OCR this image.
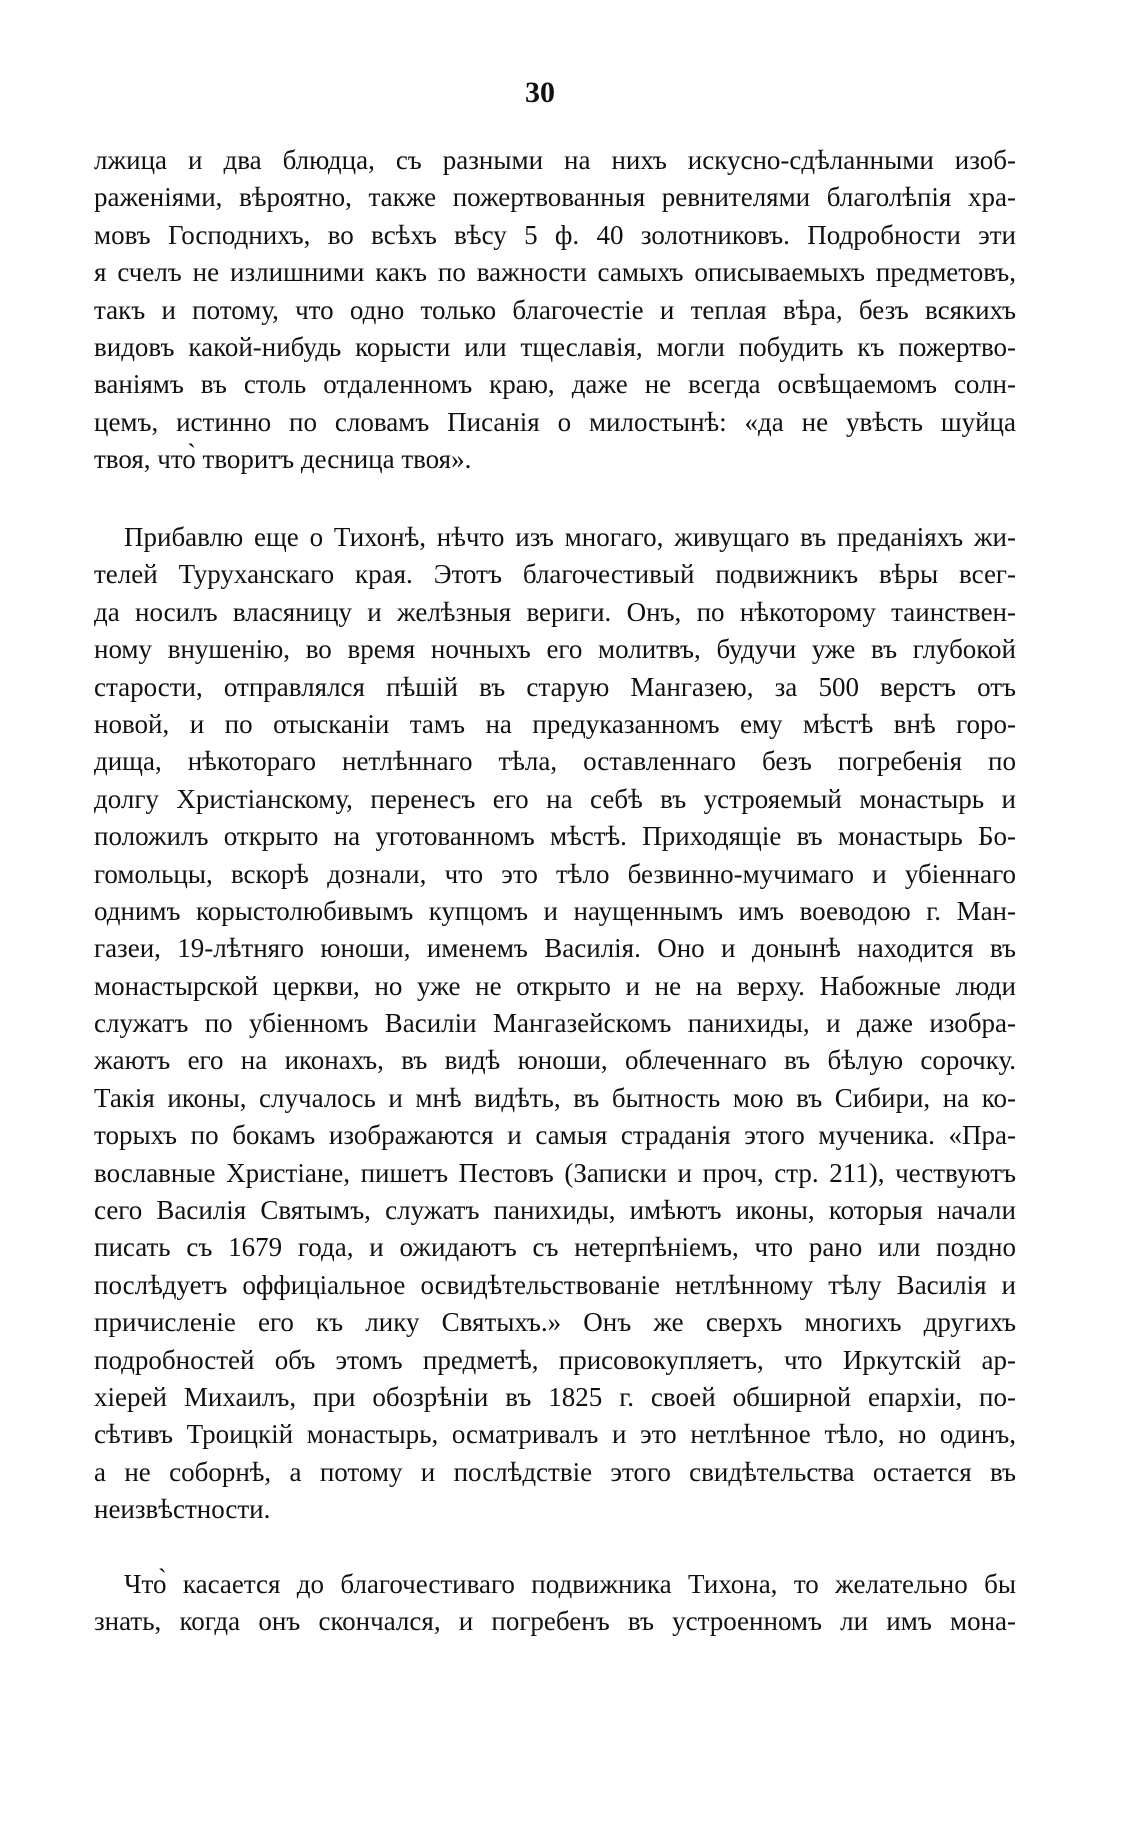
30
лжица и два блюдца, съ разными на нихъ искусно-сдѣланными изоб-
раженіями, вѣроятно, также пожертвованныя ревнителями благолѣпія хра-
мовъ Господнихъ, во всѣхъ вѣсу 5 ф. 40 золотниковъ. Подробности эти
я счелъ не излишними какъ по важности самыхъ описываемыхъ предметовъ,
такъ и потому, что одно только благочестіе и теплая вѣра, безъ всякихъ
видовъ какой-нибудь корысти или тщеславія, могли побудить къ пожертво-
ваніямъ въ столь отдаленномъ краю, даже не всегда освѣщаемомъ солн-
цемъ, истинно по словамъ Писанія о милостынѣ: «да не увѣсть шуйца
твоя, что̀ творитъ десница твоя».
Прибавлю еще о Тихонѣ, нѣчто изъ многаго, живущаго въ преданіяхъ жи-
телей Туруханскаго края. Этотъ благочестивый подвижникъ вѣры всег-
да носилъ власяницу и желѣзныя вериги. Онъ, по нѣкоторому таинствен-
ному внушенію, во время ночныхъ его молитвъ, будучи уже въ глубокой
старости, отправлялся пѣшій въ старую Мангазею, за 500 верстъ отъ
новой, и по отысканіи тамъ на предуказанномъ ему мѣстѣ внѣ горо-
дища, нѣкотораго нетлѣннаго тѣла, оставленнаго безъ погребенія по
долгу Христіанскому, перенесъ его на себѣ въ устрояемый монастырь и
положилъ открыто на уготованномъ мѣстѣ. Приходящіе въ монастырь Бо-
гомольцы, вскорѣ дознали, что это тѣло безвинно-мучимаго и убіеннаго
однимъ корыстолюбивымъ купцомъ и наущеннымъ имъ воеводою г. Ман-
газеи, 19-лѣтняго юноши, именемъ Василія. Оно и донынѣ находится въ
монастырской церкви, но уже не открыто и не на верху. Набожные люди
служатъ по убіенномъ Василіи Мангазейскомъ панихиды, и даже изобра-
жаютъ его на иконахъ, въ видѣ юноши, облеченнаго въ бѣлую сорочку.
Такія иконы, случалось и мнѣ видѣть, въ бытность мою въ Сибири, на ко-
торыхъ по бокамъ изображаются и самыя страданія этого мученика. «Пра-
вославные Христіане, пишетъ Пестовъ (Записки и проч, стр. 211), чествуютъ
сего Василія Святымъ, служатъ панихиды, имѣютъ иконы, которыя начали
писать съ 1679 года, и ожидаютъ съ нетерпѣніемъ, что рано или поздно
послѣдуетъ оффиціальное освидѣтельствованіе нетлѣнному тѣлу Василія и
причисленіе его къ лику Святыхъ.» Онъ же сверхъ многихъ другихъ
подробностей объ этомъ предметѣ, присовокупляетъ, что Иркутскій ар-
хіерей Михаилъ, при обозрѣніи въ 1825 г. своей обширной епархіи, по-
сѣтивъ Троицкій монастырь, осматривалъ и это нетлѣнное тѣло, но одинъ,
а не соборнѣ, а потому и послѣдствіе этого свидѣтельства остается въ
неизвѣстности.
Что̀ касается до благочестиваго подвижника Тихона, то желательно бы
знать, когда онъ скончался, и погребенъ въ устроенномъ ли имъ мона-
